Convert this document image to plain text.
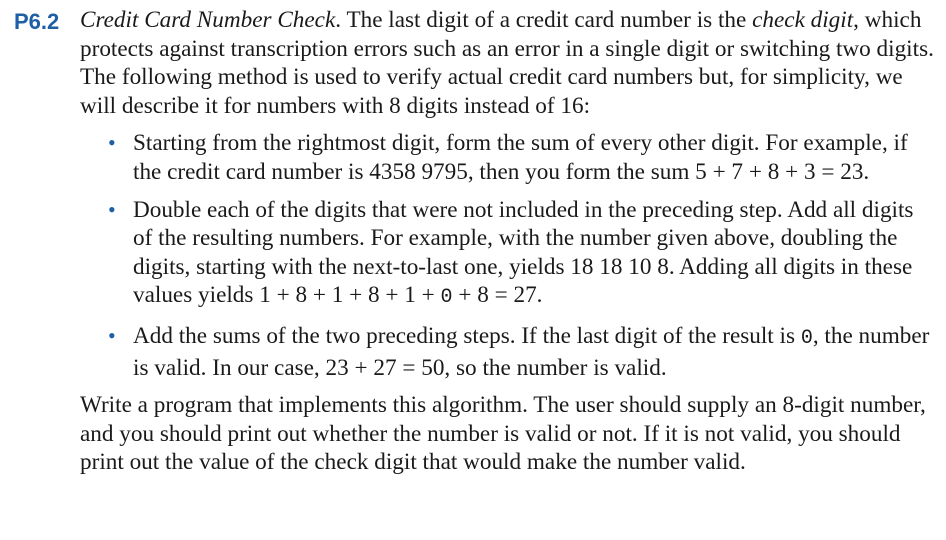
P6.2 Credit Card Number Check. The last digit of a credit card number is the check digit, which protects against transcription errors such as an error in a single digit or switching two digits. The following method is used to verify actual credit card numbers but, for simplicity, we will describe it for numbers with 8 digits instead of 16:

• Starting from the rightmost digit, form the sum of every other digit. For example, if the credit card number is 4358 9795, then you form the sum 5 + 7 + 8 + 3 = 23.
• Double each of the digits that were not included in the preceding step. Add all digits of the resulting numbers. For example, with the number given above, doubling the digits, starting with the next-to-last one, yields 18 18 10 8. Adding all digits in these values yields 1 + 8 + 1 + 8 + 1 + 0 + 8 = 27.
• Add the sums of the two preceding steps. If the last digit of the result is 0, the number is valid. In our case, 23 + 27 = 50, so the number is valid.

Write a program that implements this algorithm. The user should supply an 8-digit number, and you should print out whether the number is valid or not. If it is not valid, you should print out the value of the check digit that would make the number valid.
